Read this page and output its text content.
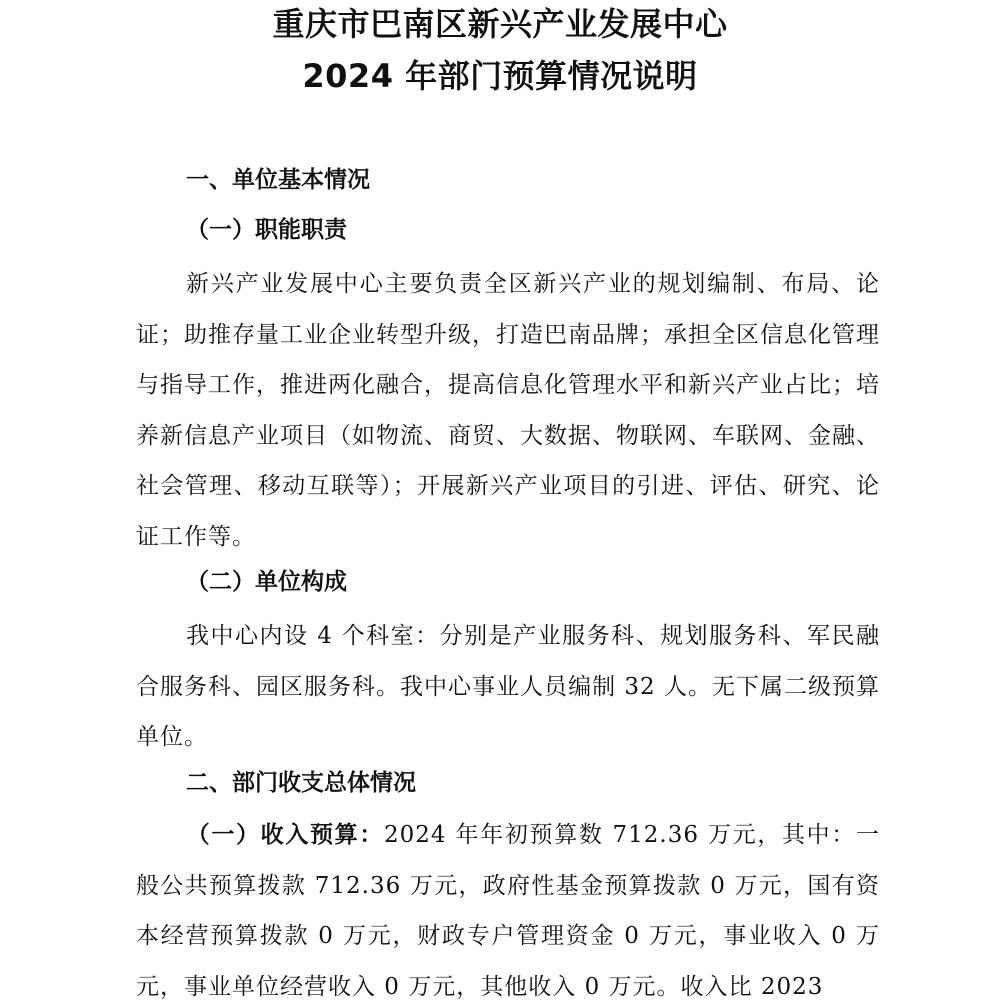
重庆市巴南区新兴产业发展中心
2024 年部门预算情况说明
一、单位基本情况
（一）职能职责

新兴产业发展中心主要负责全区新兴产业的规划编制、布局、论证；助推存量工业企业转型升级，打造巴南品牌；承担全区信息化管理与指导工作，推进两化融合，提高信息化管理水平和新兴产业占比；培养新信息产业项目（如物流、商贸、大数据、物联网、车联网、金融、社会管理、移动互联等）；开展新兴产业项目的引进、评估、研究、论证工作等。

（二）单位构成

我中心内设 4 个科室：分别是产业服务科、规划服务科、军民融合服务科、园区服务科。我中心事业人员编制 32 人。无下属二级预算单位。

二、部门收支总体情况

（一）收入预算：2024 年年初预算数 712.36 万元，其中：一般公共预算拨款 712.36 万元，政府性基金预算拨款 0 万元，国有资本经营预算拨款 0 万元，财政专户管理资金 0 万元，事业收入 0 万元，事业单位经营收入 0 万元，其他收入 0 万元。收入比 2023
